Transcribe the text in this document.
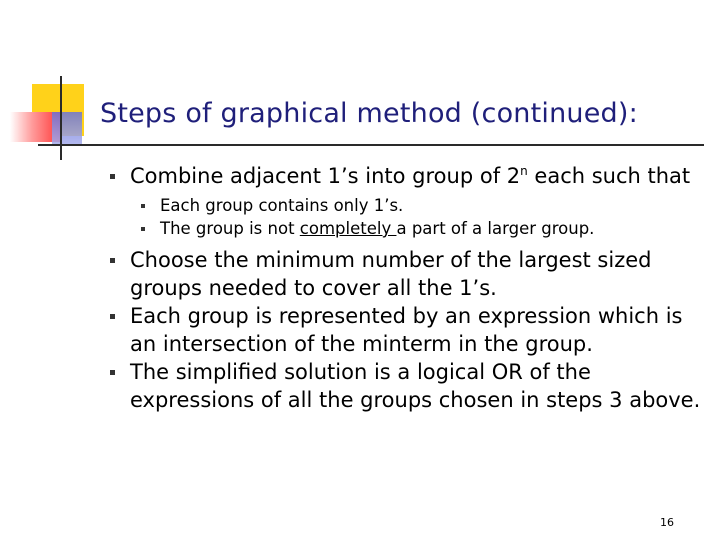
Steps of graphical method (continued):
Combine adjacent 1’s into group of 2$^n$ each such that
Each group contains only 1’s.
The group is not completely a part of a larger group.
Choose the minimum number of the largest sized groups needed to cover all the 1’s.
Each group is represented by an expression which is an intersection of the minterm in the group.
The simplified solution is a logical OR of the expressions of all the groups chosen in steps 3 above.
16
